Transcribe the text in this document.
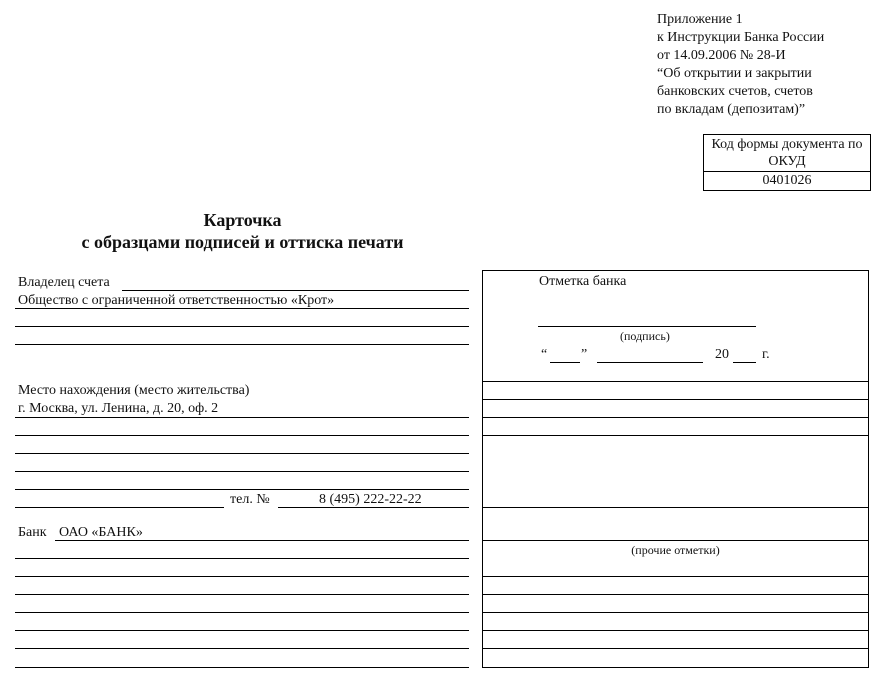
Приложение 1
к Инструкции Банка России
от 14.09.2006 № 28-И
“Об открытии и закрытии
банковских счетов, счетов
по вкладам (депозитам)”
Код формы документа по ОКУД
0401026
Карточка
с образцами подписей и оттиска печати
Владелец счета
Общество с ограниченной ответственностью «Крот»
Место нахождения (место жительства)
г. Москва, ул. Ленина, д. 20, оф. 2
тел. №	8 (495) 222-22-22
Банк ОАО «БАНК»
Отметка банка
(подпись)
“ ”	20 г.
(прочие отметки)
